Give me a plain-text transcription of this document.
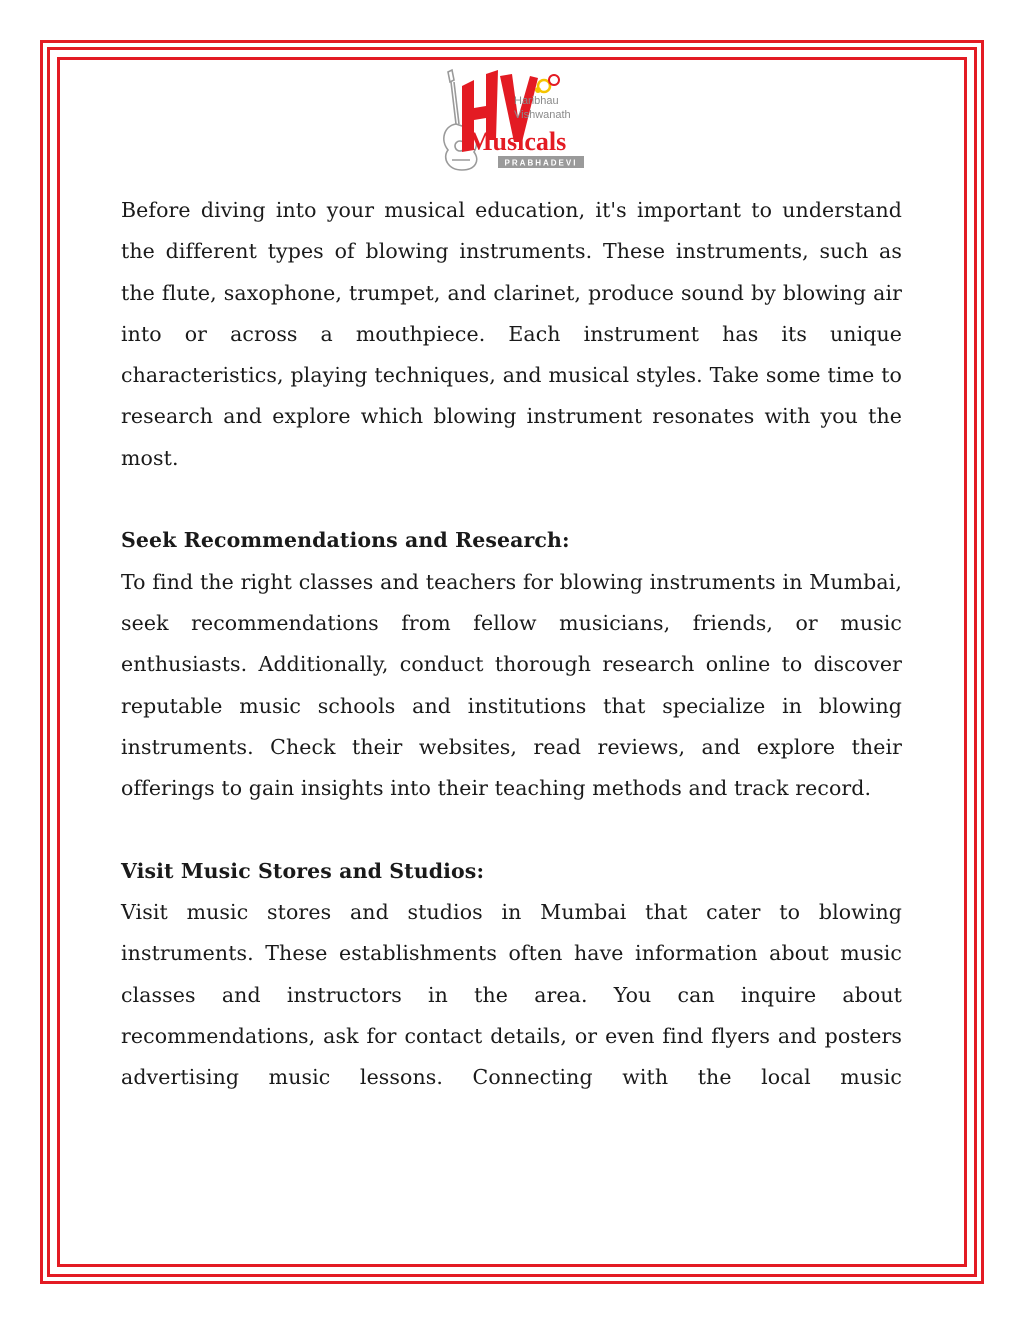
Haribhau
Vishwanath
Musicals
PRABHADEVI

Before diving into your musical education, it's important to understand the different types of blowing instruments. These instruments, such as the flute, saxophone, trumpet, and clarinet, produce sound by blowing air into or across a mouthpiece. Each instrument has its unique characteristics, playing techniques, and musical styles. Take some time to research and explore which blowing instrument resonates with you the most.

Seek Recommendations and Research:

To find the right classes and teachers for blowing instruments in Mumbai, seek recommendations from fellow musicians, friends, or music enthusiasts. Additionally, conduct thorough research online to discover reputable music schools and institutions that specialize in blowing instruments. Check their websites, read reviews, and explore their offerings to gain insights into their teaching methods and track record.

Visit Music Stores and Studios:

Visit music stores and studios in Mumbai that cater to blowing instruments. These establishments often have information about music classes and instructors in the area. You can inquire about recommendations, ask for contact details, or even find flyers and posters advertising music lessons. Connecting with the local music
